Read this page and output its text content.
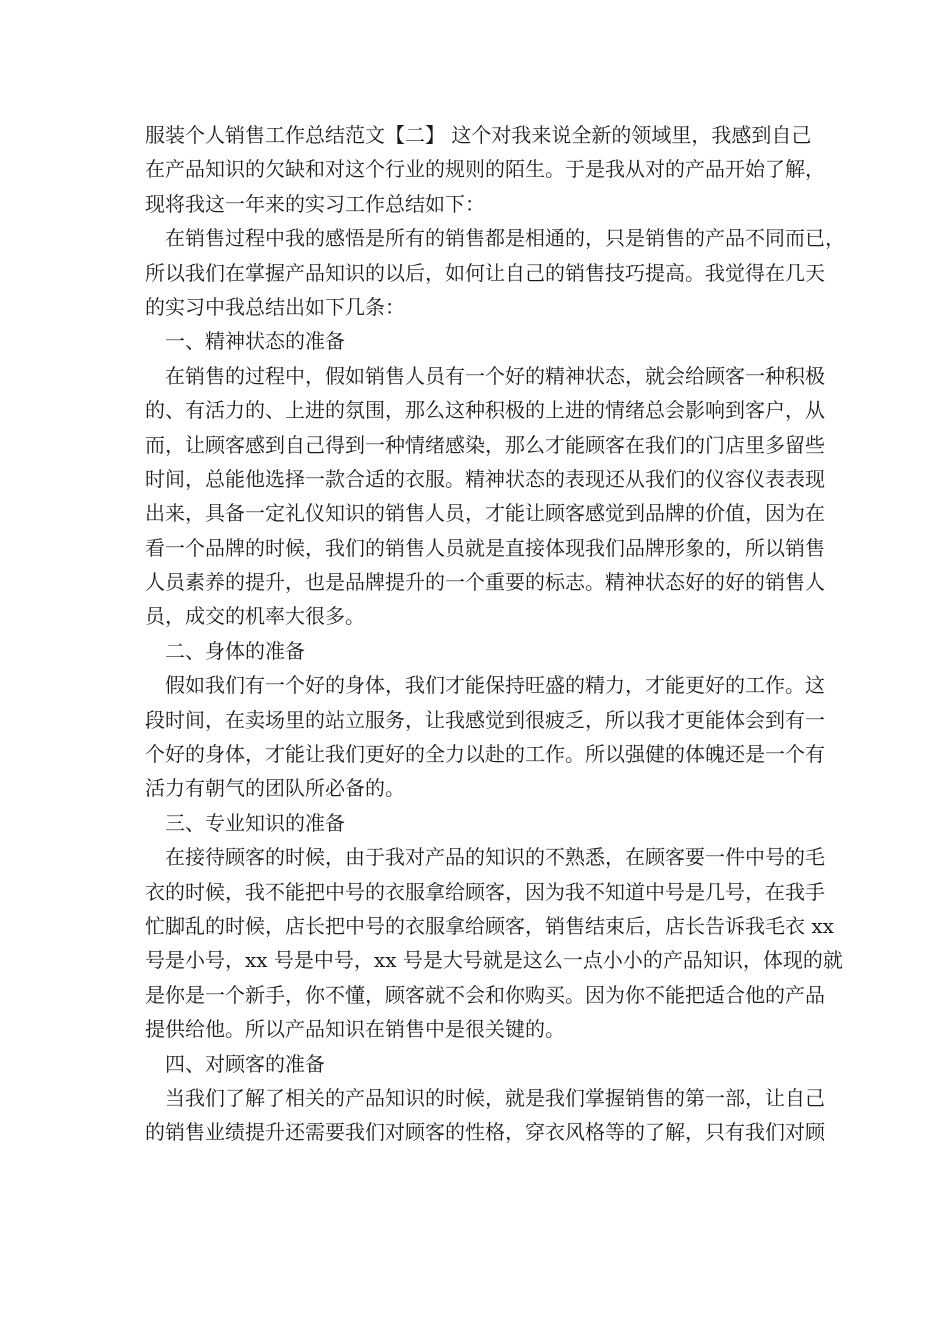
服装个人销售工作总结范文【二】 这个对我来说全新的领域里，我感到自己
在产品知识的欠缺和对这个行业的规则的陌生。于是我从对的产品开始了解，
现将我这一年来的实习工作总结如下：
在销售过程中我的感悟是所有的销售都是相通的，只是销售的产品不同而已，
所以我们在掌握产品知识的以后，如何让自己的销售技巧提高。我觉得在几天
的实习中我总结出如下几条：
一、精神状态的准备
在销售的过程中，假如销售人员有一个好的精神状态，就会给顾客一种积极
的、有活力的、上进的氛围，那么这种积极的上进的情绪总会影响到客户，从
而，让顾客感到自己得到一种情绪感染，那么才能顾客在我们的门店里多留些
时间，总能他选择一款合适的衣服。精神状态的表现还从我们的仪容仪表表现
出来，具备一定礼仪知识的销售人员，才能让顾客感觉到品牌的价值，因为在
看一个品牌的时候，我们的销售人员就是直接体现我们品牌形象的，所以销售
人员素养的提升，也是品牌提升的一个重要的标志。精神状态好的好的销售人
员，成交的机率大很多。
二、身体的准备
假如我们有一个好的身体，我们才能保持旺盛的精力，才能更好的工作。这
段时间，在卖场里的站立服务，让我感觉到很疲乏，所以我才更能体会到有一
个好的身体，才能让我们更好的全力以赴的工作。所以强健的体魄还是一个有
活力有朝气的团队所必备的。
三、专业知识的准备
在接待顾客的时候，由于我对产品的知识的不熟悉，在顾客要一件中号的毛
衣的时候，我不能把中号的衣服拿给顾客，因为我不知道中号是几号，在我手
忙脚乱的时候，店长把中号的衣服拿给顾客，销售结束后，店长告诉我毛衣 xx
号是小号，xx 号是中号，xx 号是大号就是这么一点小小的产品知识，体现的就
是你是一个新手，你不懂，顾客就不会和你购买。因为你不能把适合他的产品
提供给他。所以产品知识在销售中是很关键的。
四、对顾客的准备
当我们了解了相关的产品知识的时候，就是我们掌握销售的第一部，让自己
的销售业绩提升还需要我们对顾客的性格，穿衣风格等的了解，只有我们对顾
